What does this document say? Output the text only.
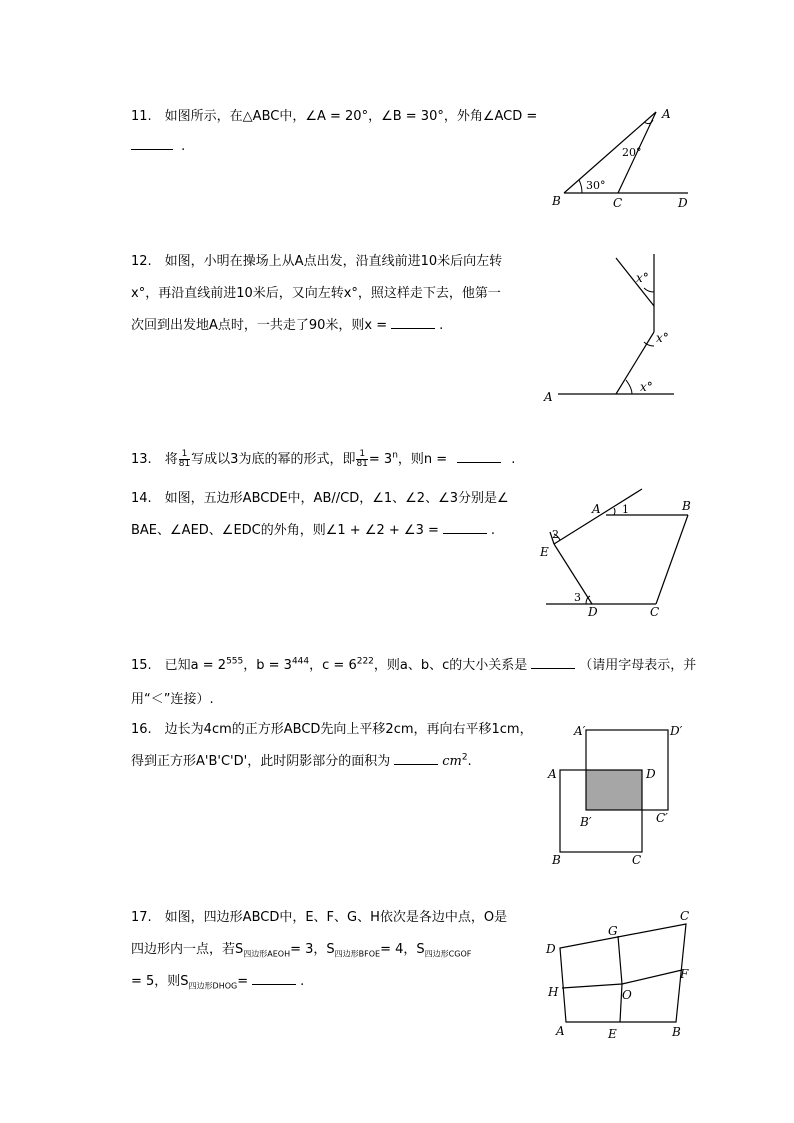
11.　如图所示，在△ABC中，∠A = 20°，∠B = 30°，外角∠ACD =
.
A
B	C	D
20°
30°
12.　如图，小明在操场上从A点出发，沿直线前进10米后向左转
x°，再沿直线前进10米后，又向左转x°，照这样走下去，他第一
次回到出发地A点时，一共走了90米，则x =	.
A
x°
x°
x°
13.　 将 $\frac{1}{81}$ 写成以3为底的幂的形式，即 $\frac{1}{81} = 3^n$，则n =	.
14.　如图，五边形ABCDE中，AB//CD，∠1、∠2、∠3分别是∠
BAE、∠AED、∠EDC的外角，则∠1 + ∠2 + ∠3 =	.
A	B
C
D
E
1
2
3
15.　已知$a = 2^{555}$，$b = 3^{444}$，$c = 6^{222}$，则a、b、c的大小关系是	（请用字母表示，并
用“＜”连接）.
16.　边长为4cm的正方形ABCD先向上平移2cm，再向右平移1cm，
得到正方形A'B'C'D'，此时阴影部分的面积为	$cm^2$.
A′	D′
A	D
B′	C′
B	C
17.　如图，四边形ABCD中，E、F、G、H依次是各边中点，O是
四边形内一点，若$S_{四边形AEOH}= 3$，$S_{四边形BFOE}= 4$，$S_{四边形CGOF}$
= 5，则$S_{四边形DHOG}=$	.
A	B
C
D
E
F
G
H	O
